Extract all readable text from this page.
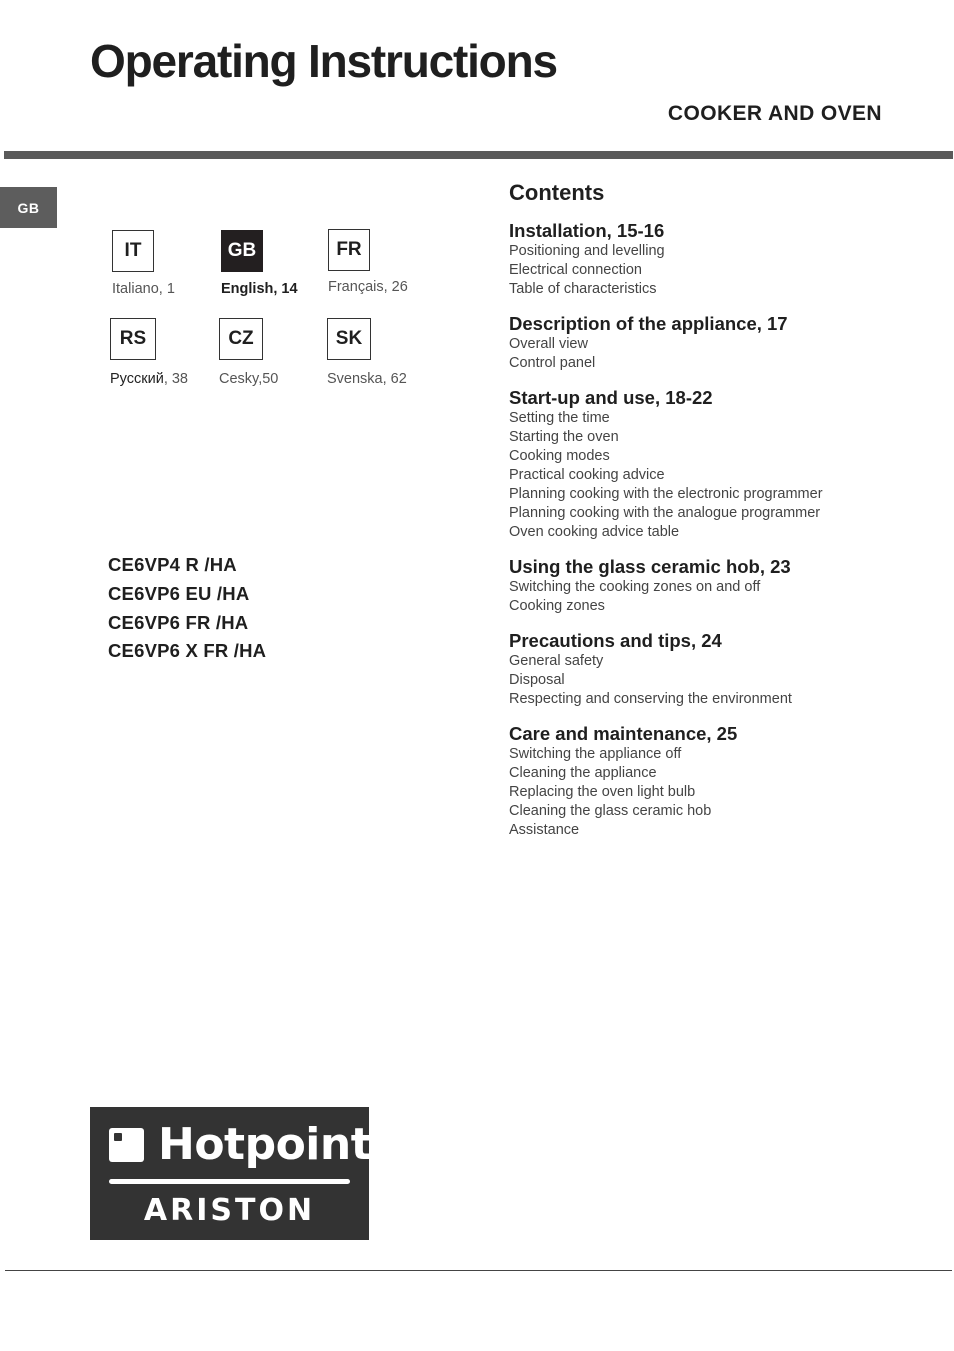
Operating Instructions
COOKER AND OVEN
GB
IT
Italiano, 1
GB
English, 14
FR
Français, 26
RS
Русский, 38
CZ
Cesky,50
SK
Svenska, 62
CE6VP4 R /HA
CE6VP6 EU /HA
CE6VP6 FR /HA
CE6VP6 X FR /HA
Contents
Installation, 15-16
Positioning and levelling
Electrical connection
Table of characteristics
Description of the appliance, 17
Overall view
Control panel
Start-up and use, 18-22
Setting the time
Starting the oven
Cooking modes
Practical cooking advice
Planning cooking with the electronic programmer
Planning cooking with the analogue programmer
Oven cooking advice table
Using the glass ceramic hob, 23
Switching the cooking zones on and off
Cooking zones
Precautions and tips, 24
General safety
Disposal
Respecting and conserving the environment
Care and maintenance, 25
Switching the appliance off
Cleaning the appliance
Replacing the oven light bulb
Cleaning the glass ceramic hob
Assistance
Hotpoint
ARISTON
